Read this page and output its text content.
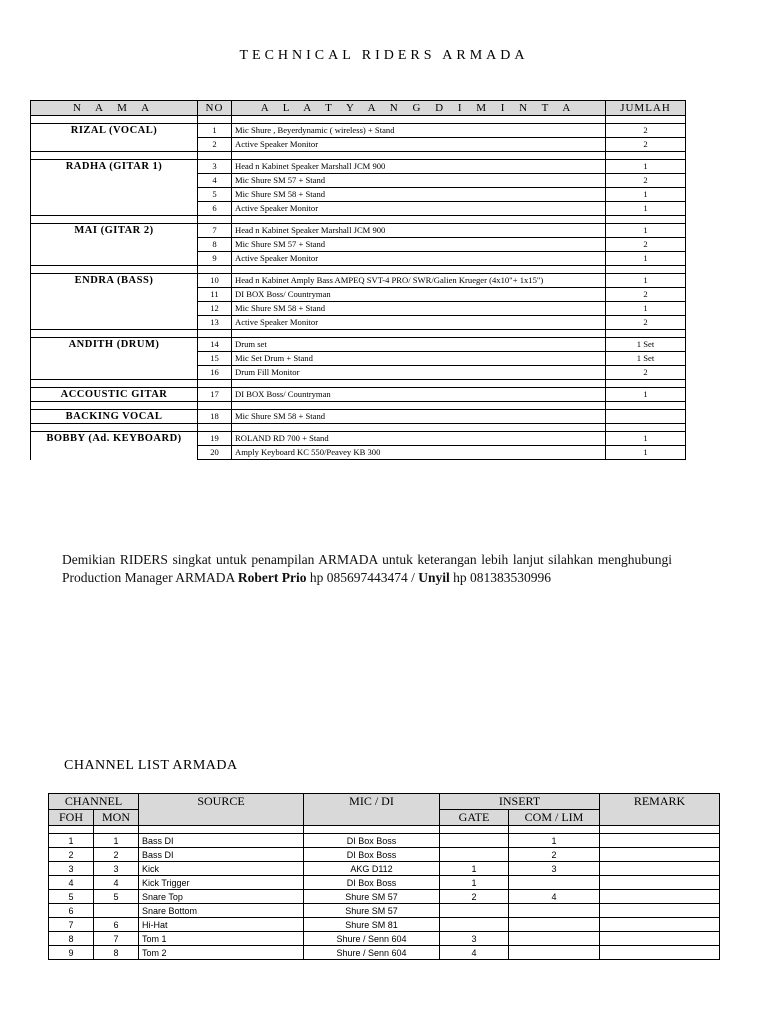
TECHNICAL RIDERS ARMADA
N A M A	NO	A L A T Y A N G D I M I N T A	JUMLAH

RIZAL (VOCAL)	1	Mic Shure , Beyerdynamic ( wireless) + Stand	2
	2	Active Speaker Monitor	2

RADHA (GITAR 1)	3	Head n Kabinet Speaker Marshall JCM 900	1
	4	Mic Shure SM 57 + Stand	2
	5	Mic Shure SM 58 + Stand	1
	6	Active Speaker Monitor	1

MAI (GITAR 2)	7	Head n Kabinet Speaker Marshall JCM 900	1
	8	Mic Shure SM 57 + Stand	2
	9	Active Speaker Monitor	1

ENDRA (BASS)	10	Head n Kabinet Amply Bass AMPEQ SVT-4 PRO/ SWR/Galien Krueger (4x10"+ 1x15")	1
	11	DI BOX Boss/ Countryman	2
	12	Mic Shure SM 58 + Stand	1
	13	Active Speaker Monitor	2

ANDITH (DRUM)	14	Drum set	1 Set
	15	Mic Set Drum + Stand	1 Set
	16	Drum Fill Monitor	2

ACCOUSTIC GITAR	17	DI BOX Boss/ Countryman	1

BACKING VOCAL	18	Mic Shure SM 58 + Stand	

BOBBY (Ad. KEYBOARD)	19	ROLAND RD 700 + Stand	1
	20	Amply Keyboard KC 550/Peavey KB 300	1

Demikian RIDERS singkat untuk penampilan ARMADA untuk keterangan lebih lanjut silahkan menghubungi Production Manager ARMADA Robert Prio hp 085697443474 / Unyil hp 081383530996

CHANNEL LIST ARMADA
CHANNEL		SOURCE	MIC / DI	INSERT		REMARK
FOH	MON			GATE	COM / LIM	

1	1	Bass DI	DI Box Boss		1	
2	2	Bass DI	DI Box Boss		2	
3	3	Kick	AKG D112	1	3	
4	4	Kick Trigger	DI Box Boss	1		
5	5	Snare Top	Shure SM 57	2	4	
6		Snare Bottom	Shure SM 57			
7	6	Hi-Hat	Shure SM 81			
8	7	Tom 1	Shure / Senn 604	3		
9	8	Tom 2	Shure / Senn 604	4		
